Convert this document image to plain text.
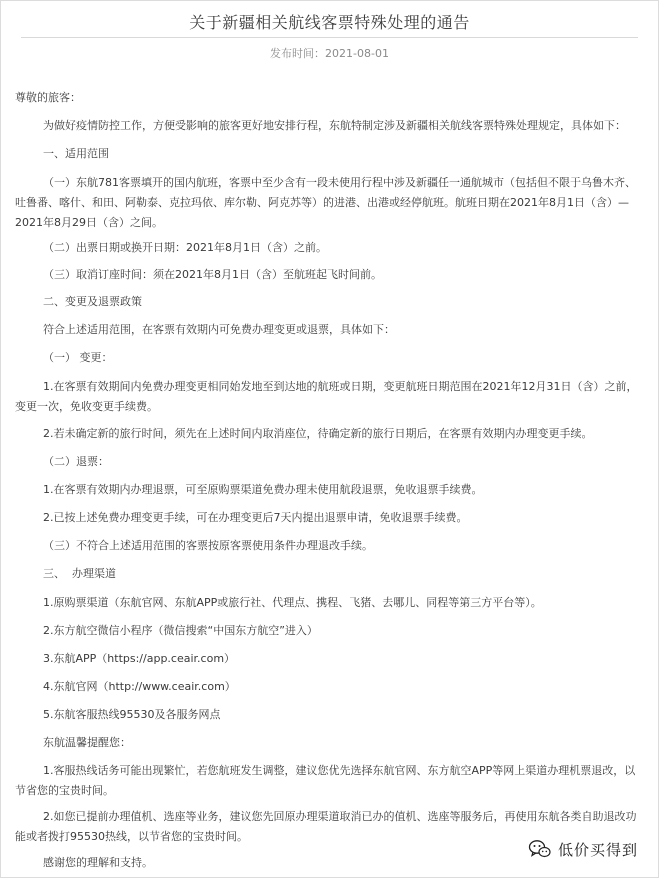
关于新疆相关航线客票特殊处理的通告
发布时间：2021-08-01
尊敬的旅客：
为做好疫情防控工作，方便受影响的旅客更好地安排行程，东航特制定涉及新疆相关航线客票特殊处理规定，具体如下：
一、适用范围
（一）东航781客票填开的国内航班，客票中至少含有一段未使用行程中涉及新疆任一通航城市（包括但不限于乌鲁木齐、吐鲁番、喀什、和田、阿勒泰、克拉玛依、库尔勒、阿克苏等）的进港、出港或经停航班。航班日期在2021年8月1日（含）—2021年8月29日（含）之间。
（二）出票日期或换开日期：2021年8月1日（含）之前。
（三）取消订座时间：须在2021年8月1日（含）至航班起飞时间前。
二、变更及退票政策
符合上述适用范围，在客票有效期内可免费办理变更或退票，具体如下：
（一） 变更：
1.在客票有效期间内免费办理变更相同始发地至到达地的航班或日期，变更航班日期范围在2021年12月31日（含）之前，变更一次，免收变更手续费。
2.若未确定新的旅行时间，须先在上述时间内取消座位，待确定新的旅行日期后，在客票有效期内办理变更手续。
（二）退票：
1.在客票有效期内办理退票，可至原购票渠道免费办理未使用航段退票，免收退票手续费。
2.已按上述免费办理变更手续，可在办理变更后7天内提出退票申请，免收退票手续费。
（三）不符合上述适用范围的客票按原客票使用条件办理退改手续。
三、  办理渠道
1.原购票渠道（东航官网、东航APP或旅行社、代理点、携程、飞猪、去哪儿、同程等第三方平台等）。
2.东方航空微信小程序（微信搜索“中国东方航空”进入）
3.东航APP（https://app.ceair.com）
4.东航官网（http://www.ceair.com）
5.东航客服热线95530及各服务网点
东航温馨提醒您：
1.客服热线话务可能出现繁忙，若您航班发生调整，建议您优先选择东航官网、东方航空APP等网上渠道办理机票退改，以节省您的宝贵时间。
2.如您已提前办理值机、选座等业务，建议您先回原办理渠道取消已办的值机、选座等服务后，再使用东航各类自助退改功能或者拨打95530热线，以节省您的宝贵时间。
感谢您的理解和支持。
低价买得到
